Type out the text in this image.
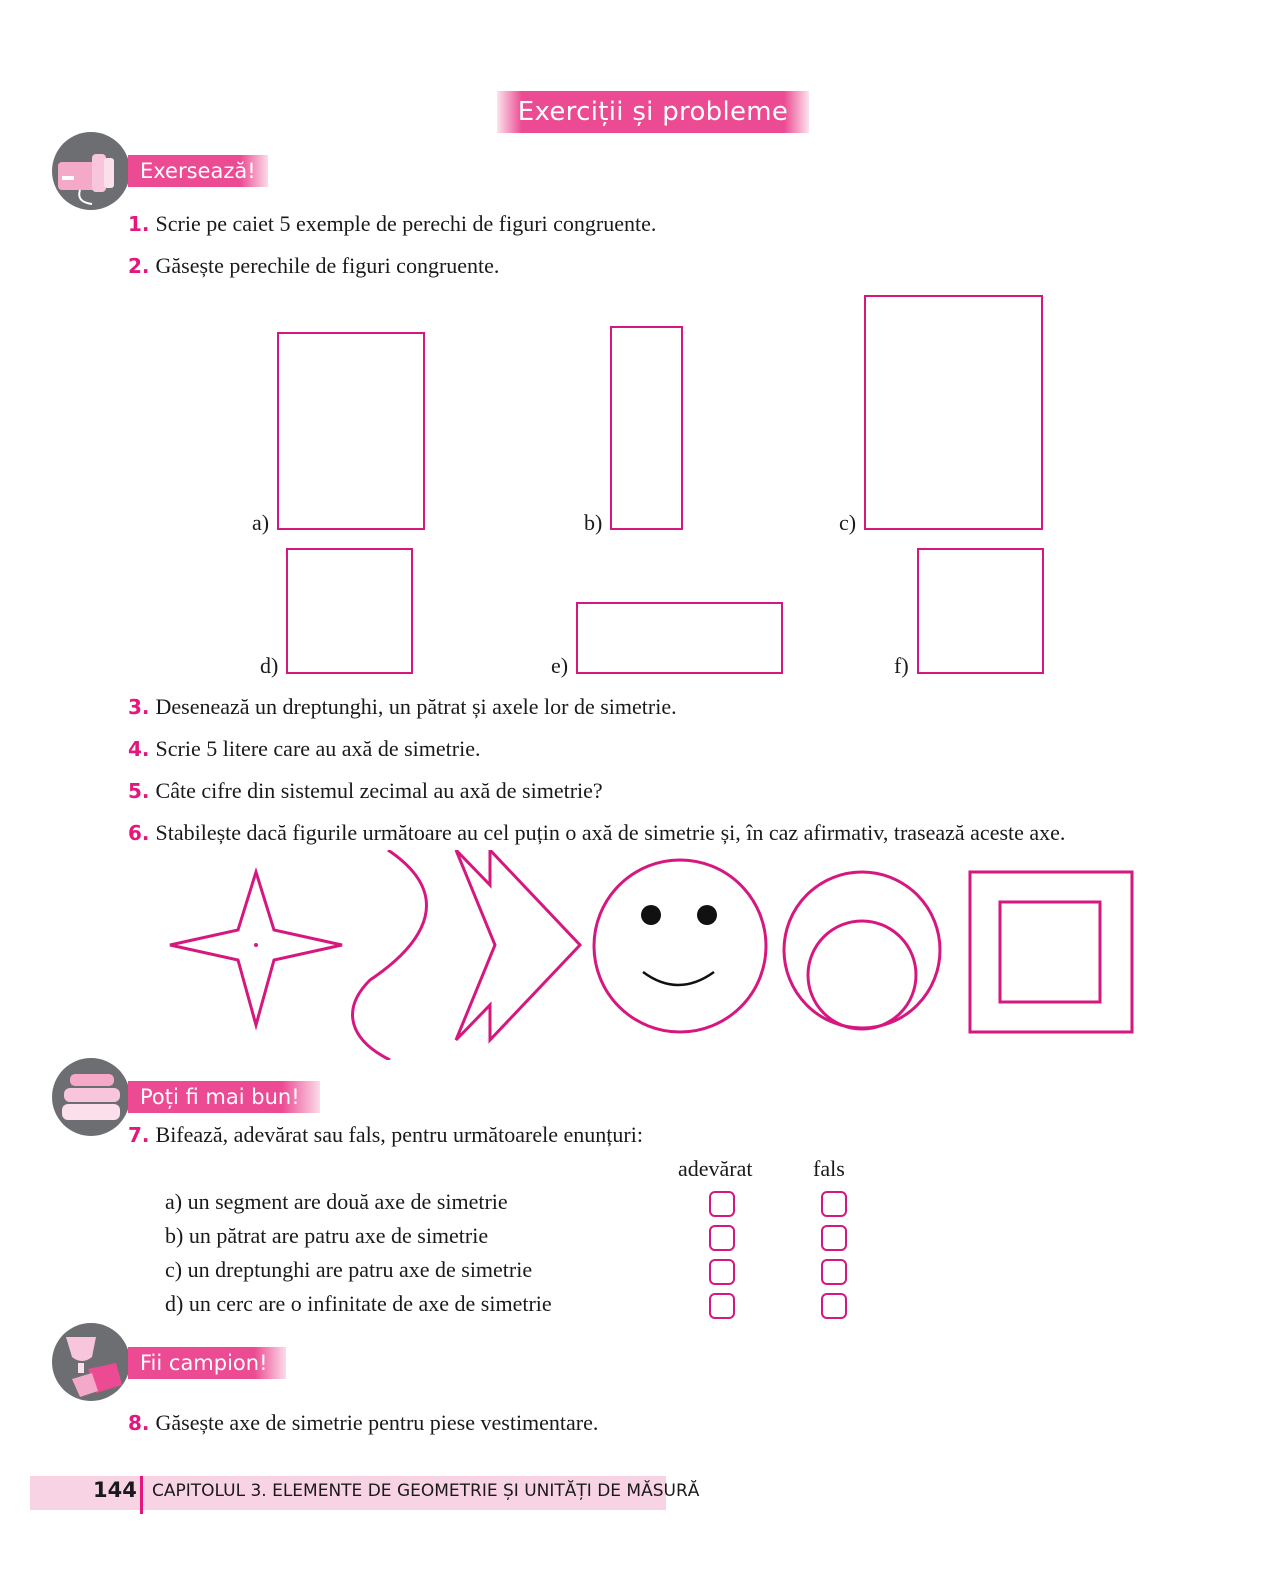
Exerciții și probleme
Exersează!
1. Scrie pe caiet 5 exemple de perechi de figuri congruente.
2. Găsește perechile de figuri congruente.
a)	b)	c)
d)	e)	f)
3. Desenează un dreptunghi, un pătrat și axele lor de simetrie.
4. Scrie 5 litere care au axă de simetrie.
5. Câte cifre din sistemul zecimal au axă de simetrie?
6. Stabilește dacă figurile următoare au cel puțin o axă de simetrie și, în caz afirmativ, trasează aceste axe.
Poți fi mai bun!
7. Bifează, adevărat sau fals, pentru următoarele enunțuri:
adevărat	fals
a) un segment are două axe de simetrie
b) un pătrat are patru axe de simetrie
c) un dreptunghi are patru axe de simetrie
d) un cerc are o infinitate de axe de simetrie
Fii campion!
8. Găsește axe de simetrie pentru piese vestimentare.
144 CAPITOLUL 3. ELEMENTE DE GEOMETRIE ȘI UNITĂȚI DE MĂSURĂ
